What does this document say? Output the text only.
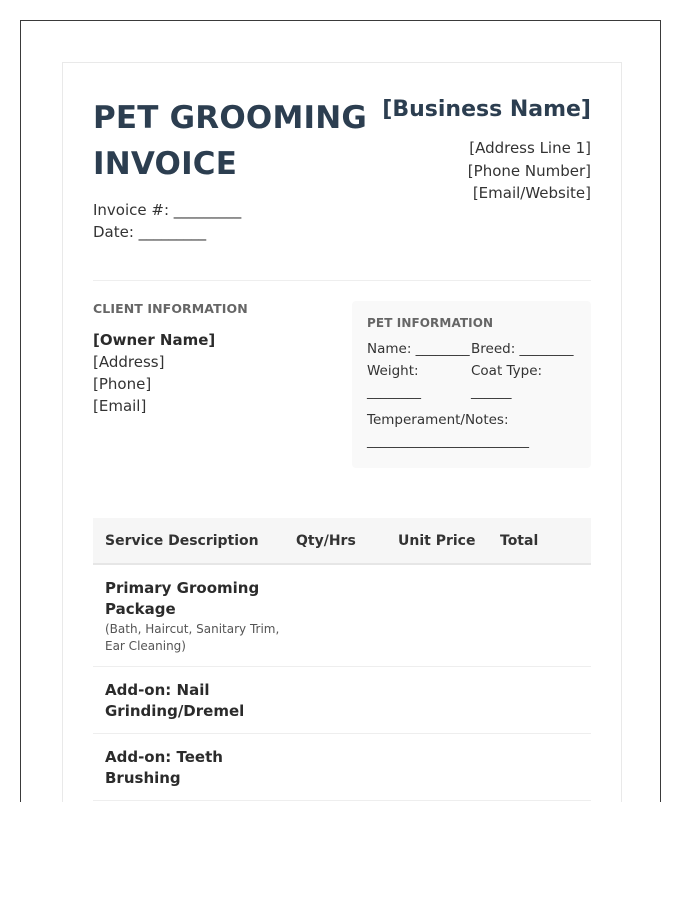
PET GROOMING INVOICE
Invoice #: _________
Date: _________
[Business Name]
[Address Line 1]
[Phone Number]
[Email/Website]
CLIENT INFORMATION
[Owner Name]
[Address]
[Phone]
[Email]
PET INFORMATION
Name: ________ Breed: ________
Weight: ________
Coat Type: ______
Temperament/Notes: ________________________
Service Description	Qty/Hrs	Unit Price	Total
Primary Grooming Package
(Bath, Haircut, Sanitary Trim, Ear Cleaning)
Add-on: Nail Grinding/Dremel
Add-on: Teeth Brushing
